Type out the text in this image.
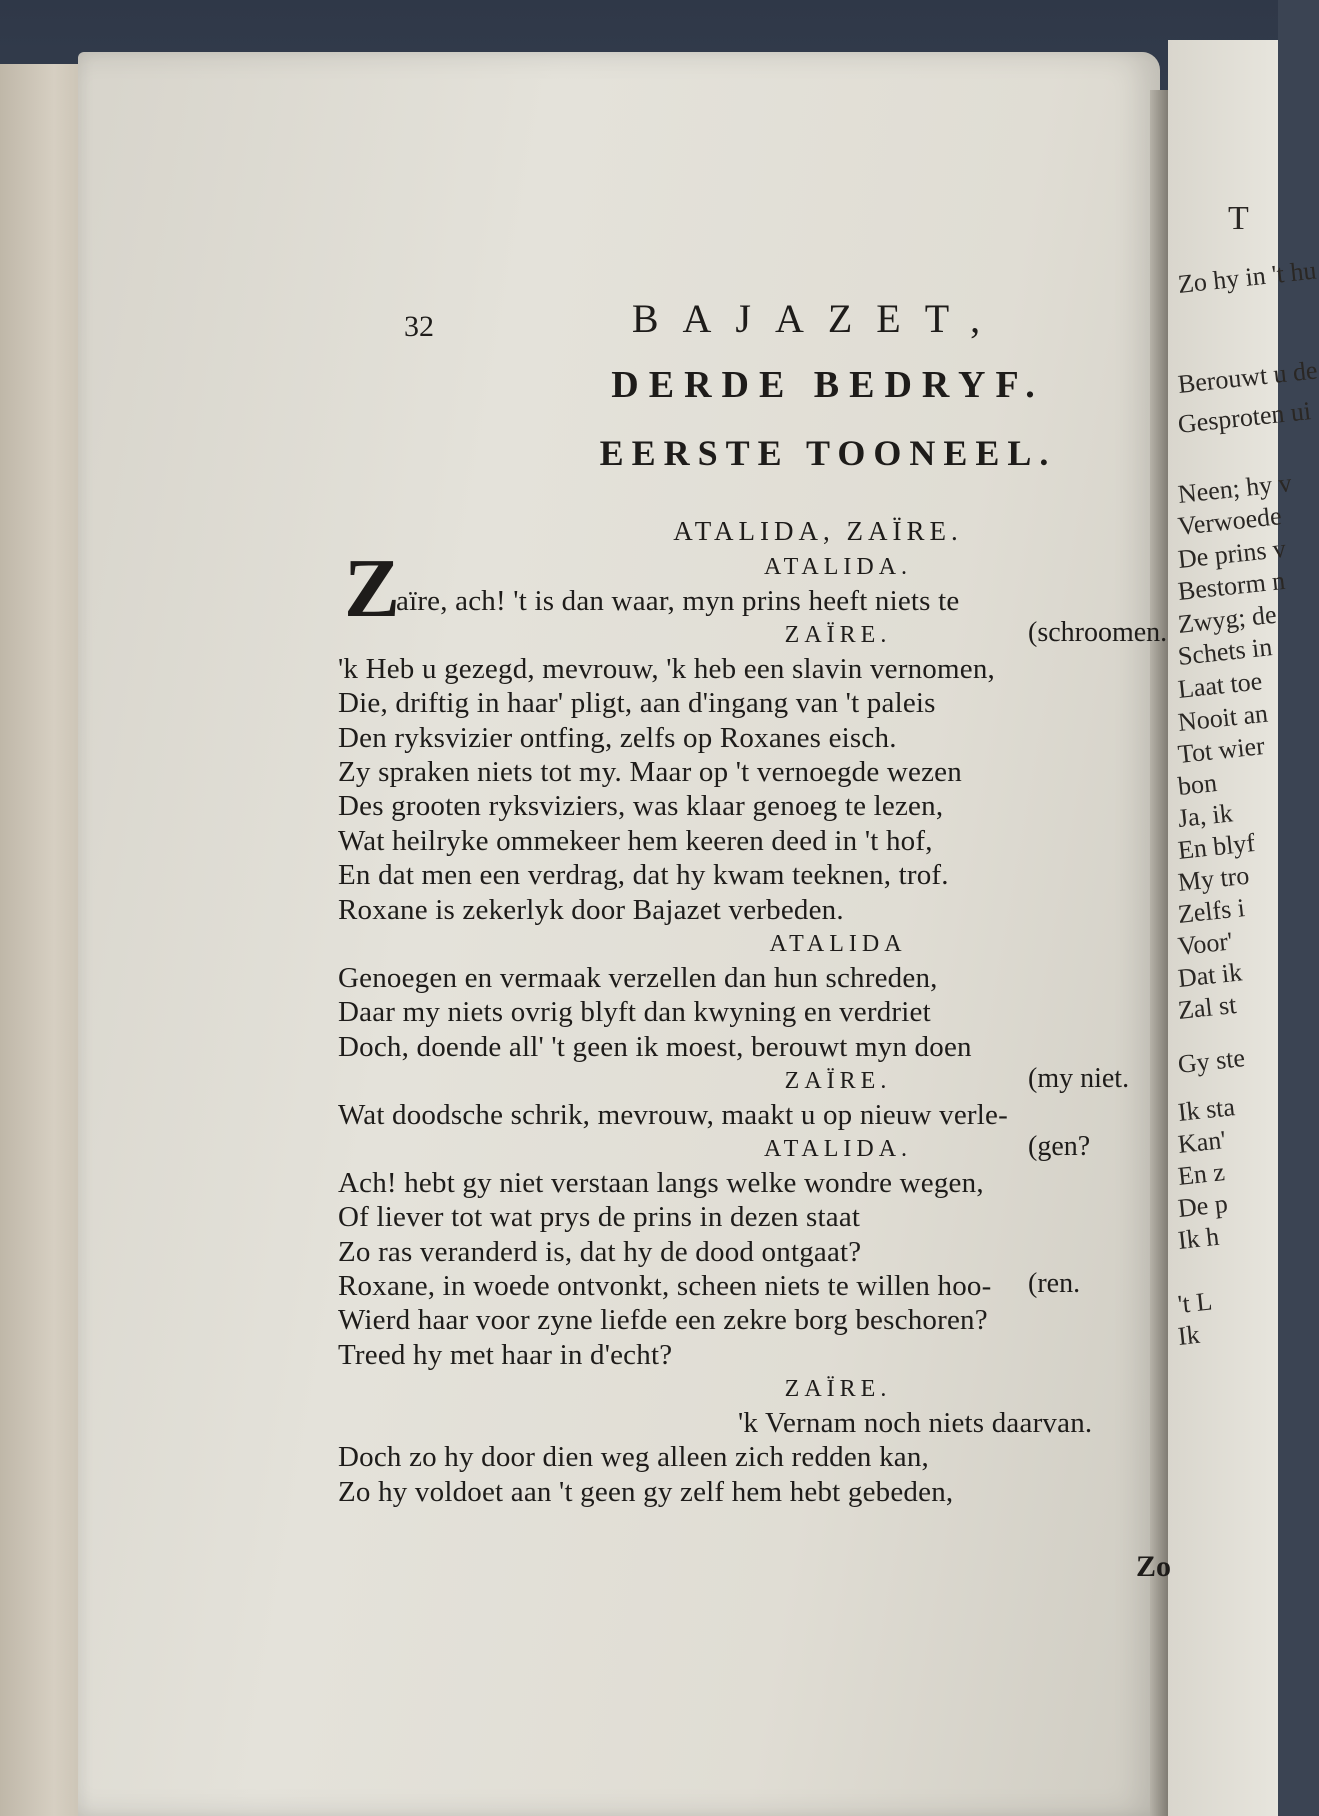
T
Zo hy in 't hu
Berouwt u de
Gesproten ui
Neen; hy v
Verwoede
De prins v
Bestorm n
Zwyg; de
Schets in
Laat toe
Nooit an
Tot wier
bon
Ja, ik
En blyf
My tro
Zelfs i
Voor'
Dat ik
Zal st
Gy ste
Ik sta
Kan'
En z
De p
Ik h
't L
Ik
32	BAJAZET,
DERDE BEDRYF.
EERSTE TOONEEL.
ATALIDA, ZAÏRE.
ATALIDA.
Z
aïre, ach! 't is dan waar, myn prins heeft niets te
(schroomen.
ZAÏRE.
'k Heb u gezegd, mevrouw, 'k heb een slavin vernomen,
Die, driftig in haar' pligt, aan d'ingang van 't paleis
Den ryksvizier ontfing, zelfs op Roxanes eisch.
Zy spraken niets tot my. Maar op 't vernoegde wezen
Des grooten ryksviziers, was klaar genoeg te lezen,
Wat heilryke ommekeer hem keeren deed in 't hof,
En dat men een verdrag, dat hy kwam teeknen, trof.
Roxane is zekerlyk door Bajazet verbeden.
ATALIDA
Genoegen en vermaak verzellen dan hun schreden,
Daar my niets ovrig blyft dan kwyning en verdriet
Doch, doende all' 't geen ik moest, berouwt myn doen
(my niet.
ZAÏRE.
Wat doodsche schrik, mevrouw, maakt u op nieuw verle-
(gen?
ATALIDA.
Ach! hebt gy niet verstaan langs welke wondre wegen,
Of liever tot wat prys de prins in dezen staat
Zo ras veranderd is, dat hy de dood ontgaat?
(ren.
Roxane, in woede ontvonkt, scheen niets te willen hoo-
Wierd haar voor zyne liefde een zekre borg beschoren?
Treed hy met haar in d'echt?
ZAÏRE.
'k Vernam noch niets daarvan.
Doch zo hy door dien weg alleen zich redden kan,
Zo hy voldoet aan 't geen gy zelf hem hebt gebeden,
Zo
